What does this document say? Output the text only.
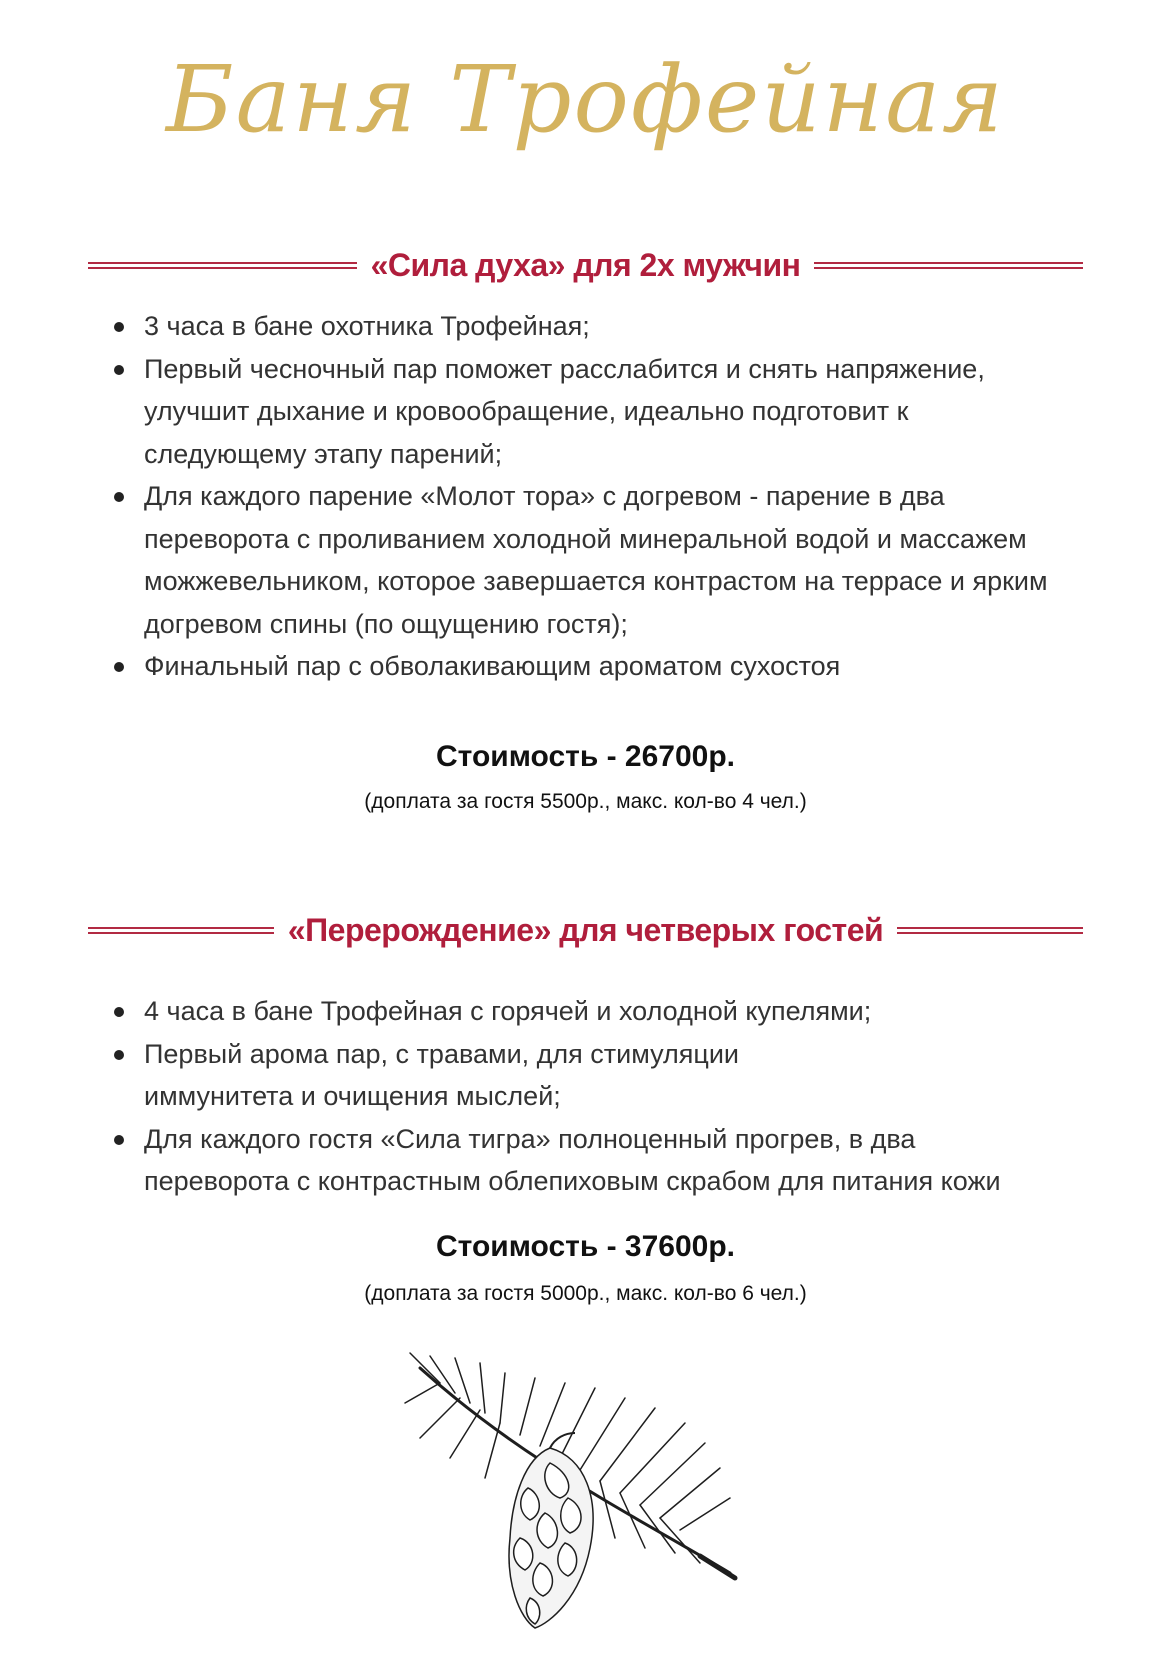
Баня Трофейная
«Сила духа» для 2х мужчин
3 часа в бане охотника Трофейная;
Первый чесночный пар поможет расслабится и снять напряжение, улучшит дыхание и кровообращение, идеально подготовит к следующему этапу парений;
Для каждого парение «Молот тора» с догревом - парение в два переворота с проливанием холодной минеральной водой и массажем можжевельником, которое завершается контрастом на террасе и ярким догревом спины (по ощущению гостя);
Финальный пар с обволакивающим ароматом сухостоя
Стоимость - 26700р.
(доплата за гостя 5500р., макс. кол-во 4 чел.)
«Перерождение» для четверых гостей
4 часа в бане Трофейная с горячей и холодной купелями;
Первый арома пар, с травами, для стимуляции иммунитета и очищения мыслей;
Для каждого гостя «Сила тигра» полноценный прогрев, в два переворота с контрастным облепиховым скрабом для питания кожи
Стоимость - 37600р.
(доплата за гостя 5000р., макс. кол-во 6 чел.)
